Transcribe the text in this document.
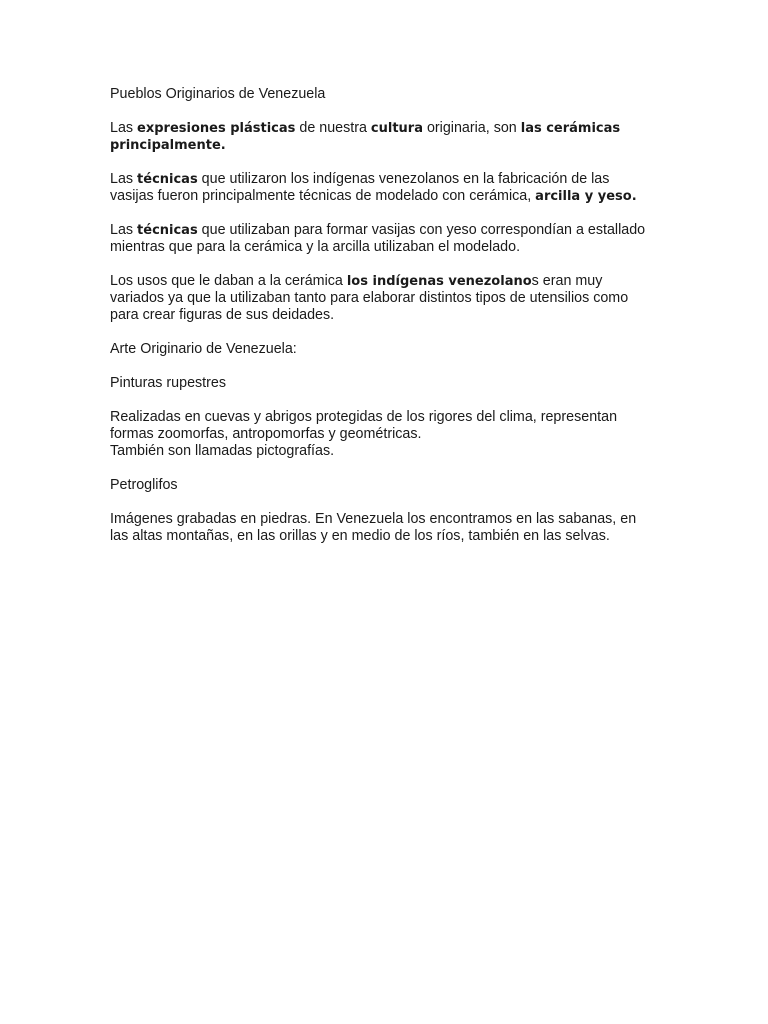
Pueblos Originarios de Venezuela

Las expresiones plásticas de nuestra cultura originaria, son las cerámicas principalmente.

Las técnicas que utilizaron los indígenas venezolanos en la fabricación de las vasijas fueron principalmente técnicas de modelado con cerámica, arcilla y yeso.

Las técnicas que utilizaban para formar vasijas con yeso correspondían a estallado mientras que para la cerámica y la arcilla utilizaban el modelado.

Los usos que le daban a la cerámica los indígenas venezolanos eran muy variados ya que la utilizaban tanto para elaborar distintos tipos de utensilios como para crear figuras de sus deidades.

Arte Originario de Venezuela:

Pinturas rupestres

Realizadas en cuevas y abrigos protegidas de los rigores del clima, representan formas zoomorfas, antropomorfas y geométricas.
También son llamadas pictografías.

Petroglifos

Imágenes grabadas en piedras. En Venezuela los encontramos en las sabanas, en las altas montañas, en las orillas y en medio de los ríos, también en las selvas.
